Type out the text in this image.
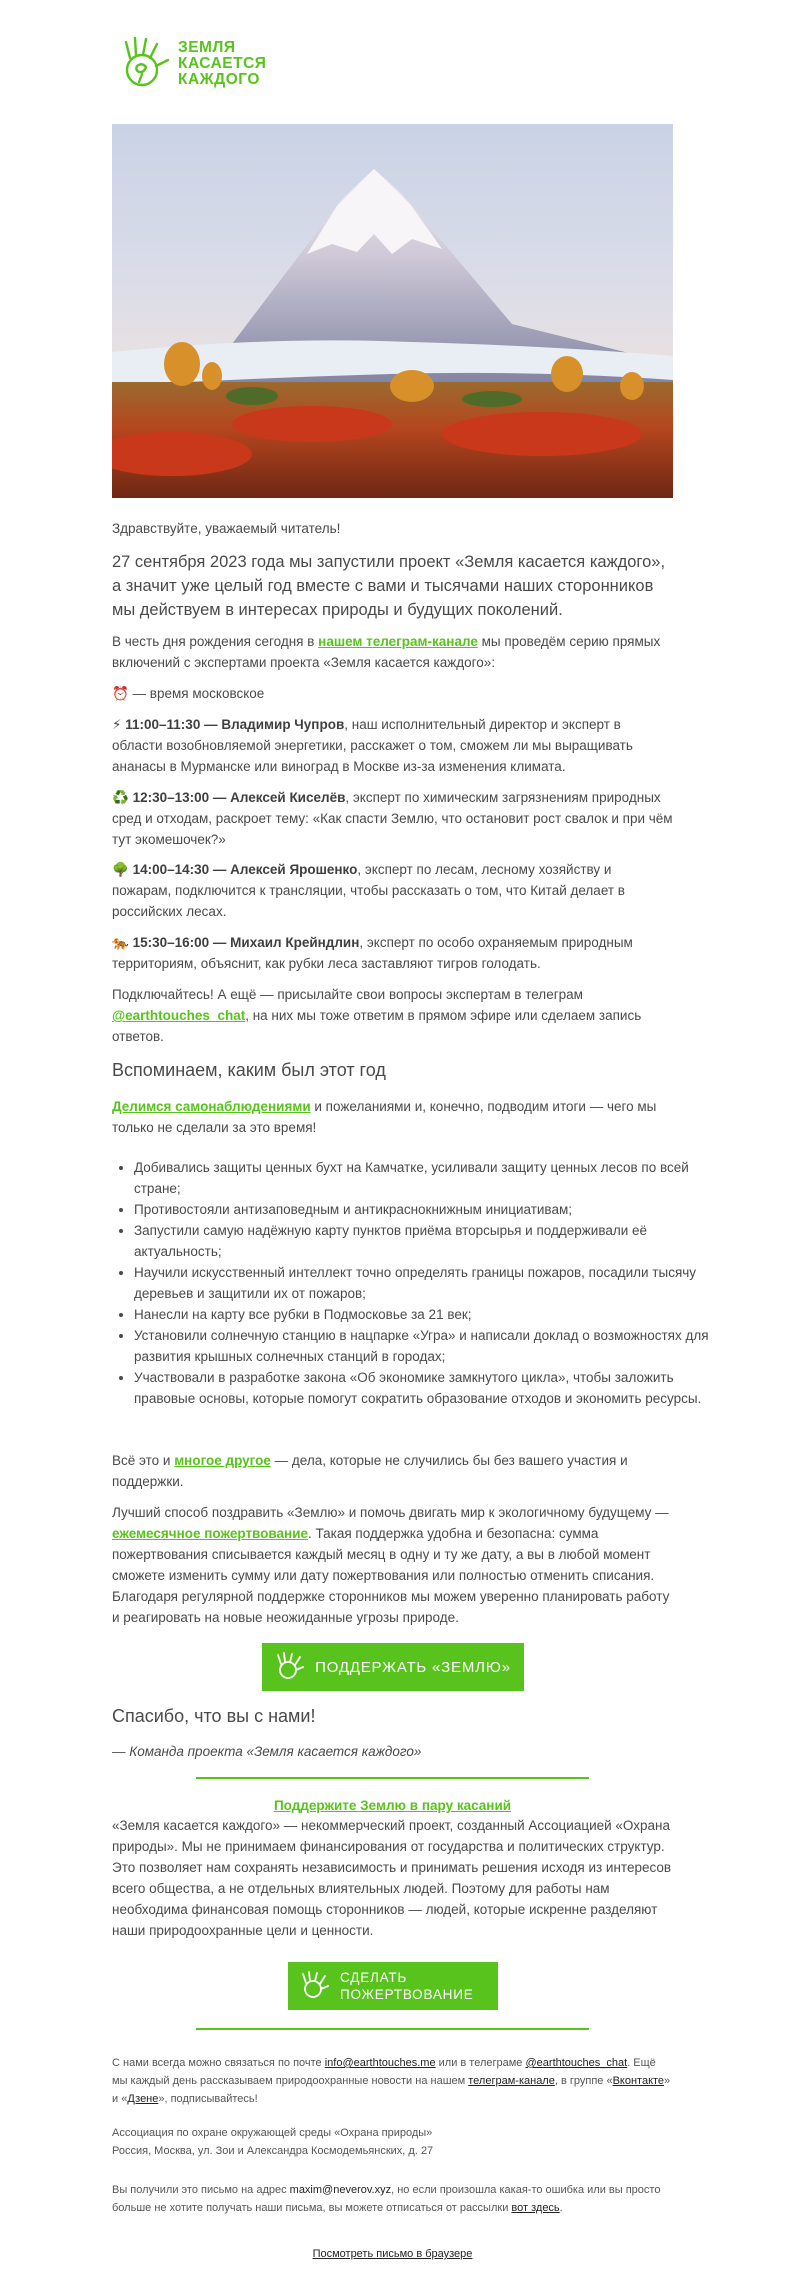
ЗЕМЛЯ
КАСАЕТСЯ
КАЖДОГО

Здравствуйте, уважаемый читатель!

27 сентября 2023 года мы запустили проект «Земля касается каждого», а значит уже целый год вместе с вами и тысячами наших сторонников мы действуем в интересах природы и будущих поколений.

В честь дня рождения сегодня в нашем телеграм-канале мы проведём серию прямых включений с экспертами проекта «Земля касается каждого»:

⏰ — время московское

⚡ 11:00–11:30 — Владимир Чупров, наш исполнительный директор и эксперт в области возобновляемой энергетики, расскажет о том, сможем ли мы выращивать ананасы в Мурманске или виноград в Москве из-за изменения климата.

♻️ 12:30–13:00 — Алексей Киселёв, эксперт по химическим загрязнениям природных сред и отходам, раскроет тему: «Как спасти Землю, что остановит рост свалок и при чём тут экомешочек?»

🌳 14:00–14:30 — Алексей Ярошенко, эксперт по лесам, лесному хозяйству и пожарам, подключится к трансляции, чтобы рассказать о том, что Китай делает в российских лесах.

🐅 15:30–16:00 — Михаил Крейндлин, эксперт по особо охраняемым природным территориям, объяснит, как рубки леса заставляют тигров голодать.

Подключайтесь! А ещё — присылайте свои вопросы экспертам в телеграм @earthtouches_chat, на них мы тоже ответим в прямом эфире или сделаем запись ответов.

Вспоминаем, каким был этот год

Делимся самонаблюдениями и пожеланиями и, конечно, подводим итоги — чего мы только не сделали за это время!

• Добивались защиты ценных бухт на Камчатке, усиливали защиту ценных лесов по всей стране;
• Противостояли антизаповедным и антикраснокнижным инициативам;
• Запустили самую надёжную карту пунктов приёма вторсырья и поддерживали её актуальность;
• Научили искусственный интеллект точно определять границы пожаров, посадили тысячу деревьев и защитили их от пожаров;
• Нанесли на карту все рубки в Подмосковье за 21 век;
• Установили солнечную станцию в нацпарке «Угра» и написали доклад о возможностях для развития крышных солнечных станций в городах;
• Участвовали в разработке закона «Об экономике замкнутого цикла», чтобы заложить правовые основы, которые помогут сократить образование отходов и экономить ресурсы.

Всё это и многое другое — дела, которые не случились бы без вашего участия и поддержки.

Лучший способ поздравить «Землю» и помочь двигать мир к экологичному будущему — ежемесячное пожертвование. Такая поддержка удобна и безопасна: сумма пожертвования списывается каждый месяц в одну и ту же дату, а вы в любой момент сможете изменить сумму или дату пожертвования или полностью отменить списания. Благодаря регулярной поддержке сторонников мы можем уверенно планировать работу и реагировать на новые неожиданные угрозы природе.

ПОДДЕРЖАТЬ «ЗЕМЛЮ»
Спасибо, что вы с нами!

— Команда проекта «Земля касается каждого»

Поддержите Землю в пару касаний

«Земля касается каждого» — некоммерческий проект, созданный Ассоциацией «Охрана природы». Мы не принимаем финансирования от государства и политических структур. Это позволяет нам сохранять независимость и принимать решения исходя из интересов всего общества, а не отдельных влиятельных людей. Поэтому для работы нам необходима финансовая помощь сторонников — людей, которые искренне разделяют наши природоохранные цели и ценности.

СДЕЛАТЬ
ПОЖЕРТВОВАНИЕ

С нами всегда можно связаться по почте info@earthtouches.me или в телеграме @earthtouches_chat. Ещё мы каждый день рассказываем природоохранные новости на нашем телеграм-канале, в группе «Вконтакте» и «Дзене», подписывайтесь!

Ассоциация по охране окружающей среды «Охрана природы»
Россия, Москва, ул. Зои и Александра Космодемьянских, д. 27

Вы получили это письмо на адрес maxim@neverov.xyz, но если произошла какая-то ошибка или вы просто больше не хотите получать наши письма, вы можете отписаться от рассылки вот здесь.

Посмотреть письмо в браузере
